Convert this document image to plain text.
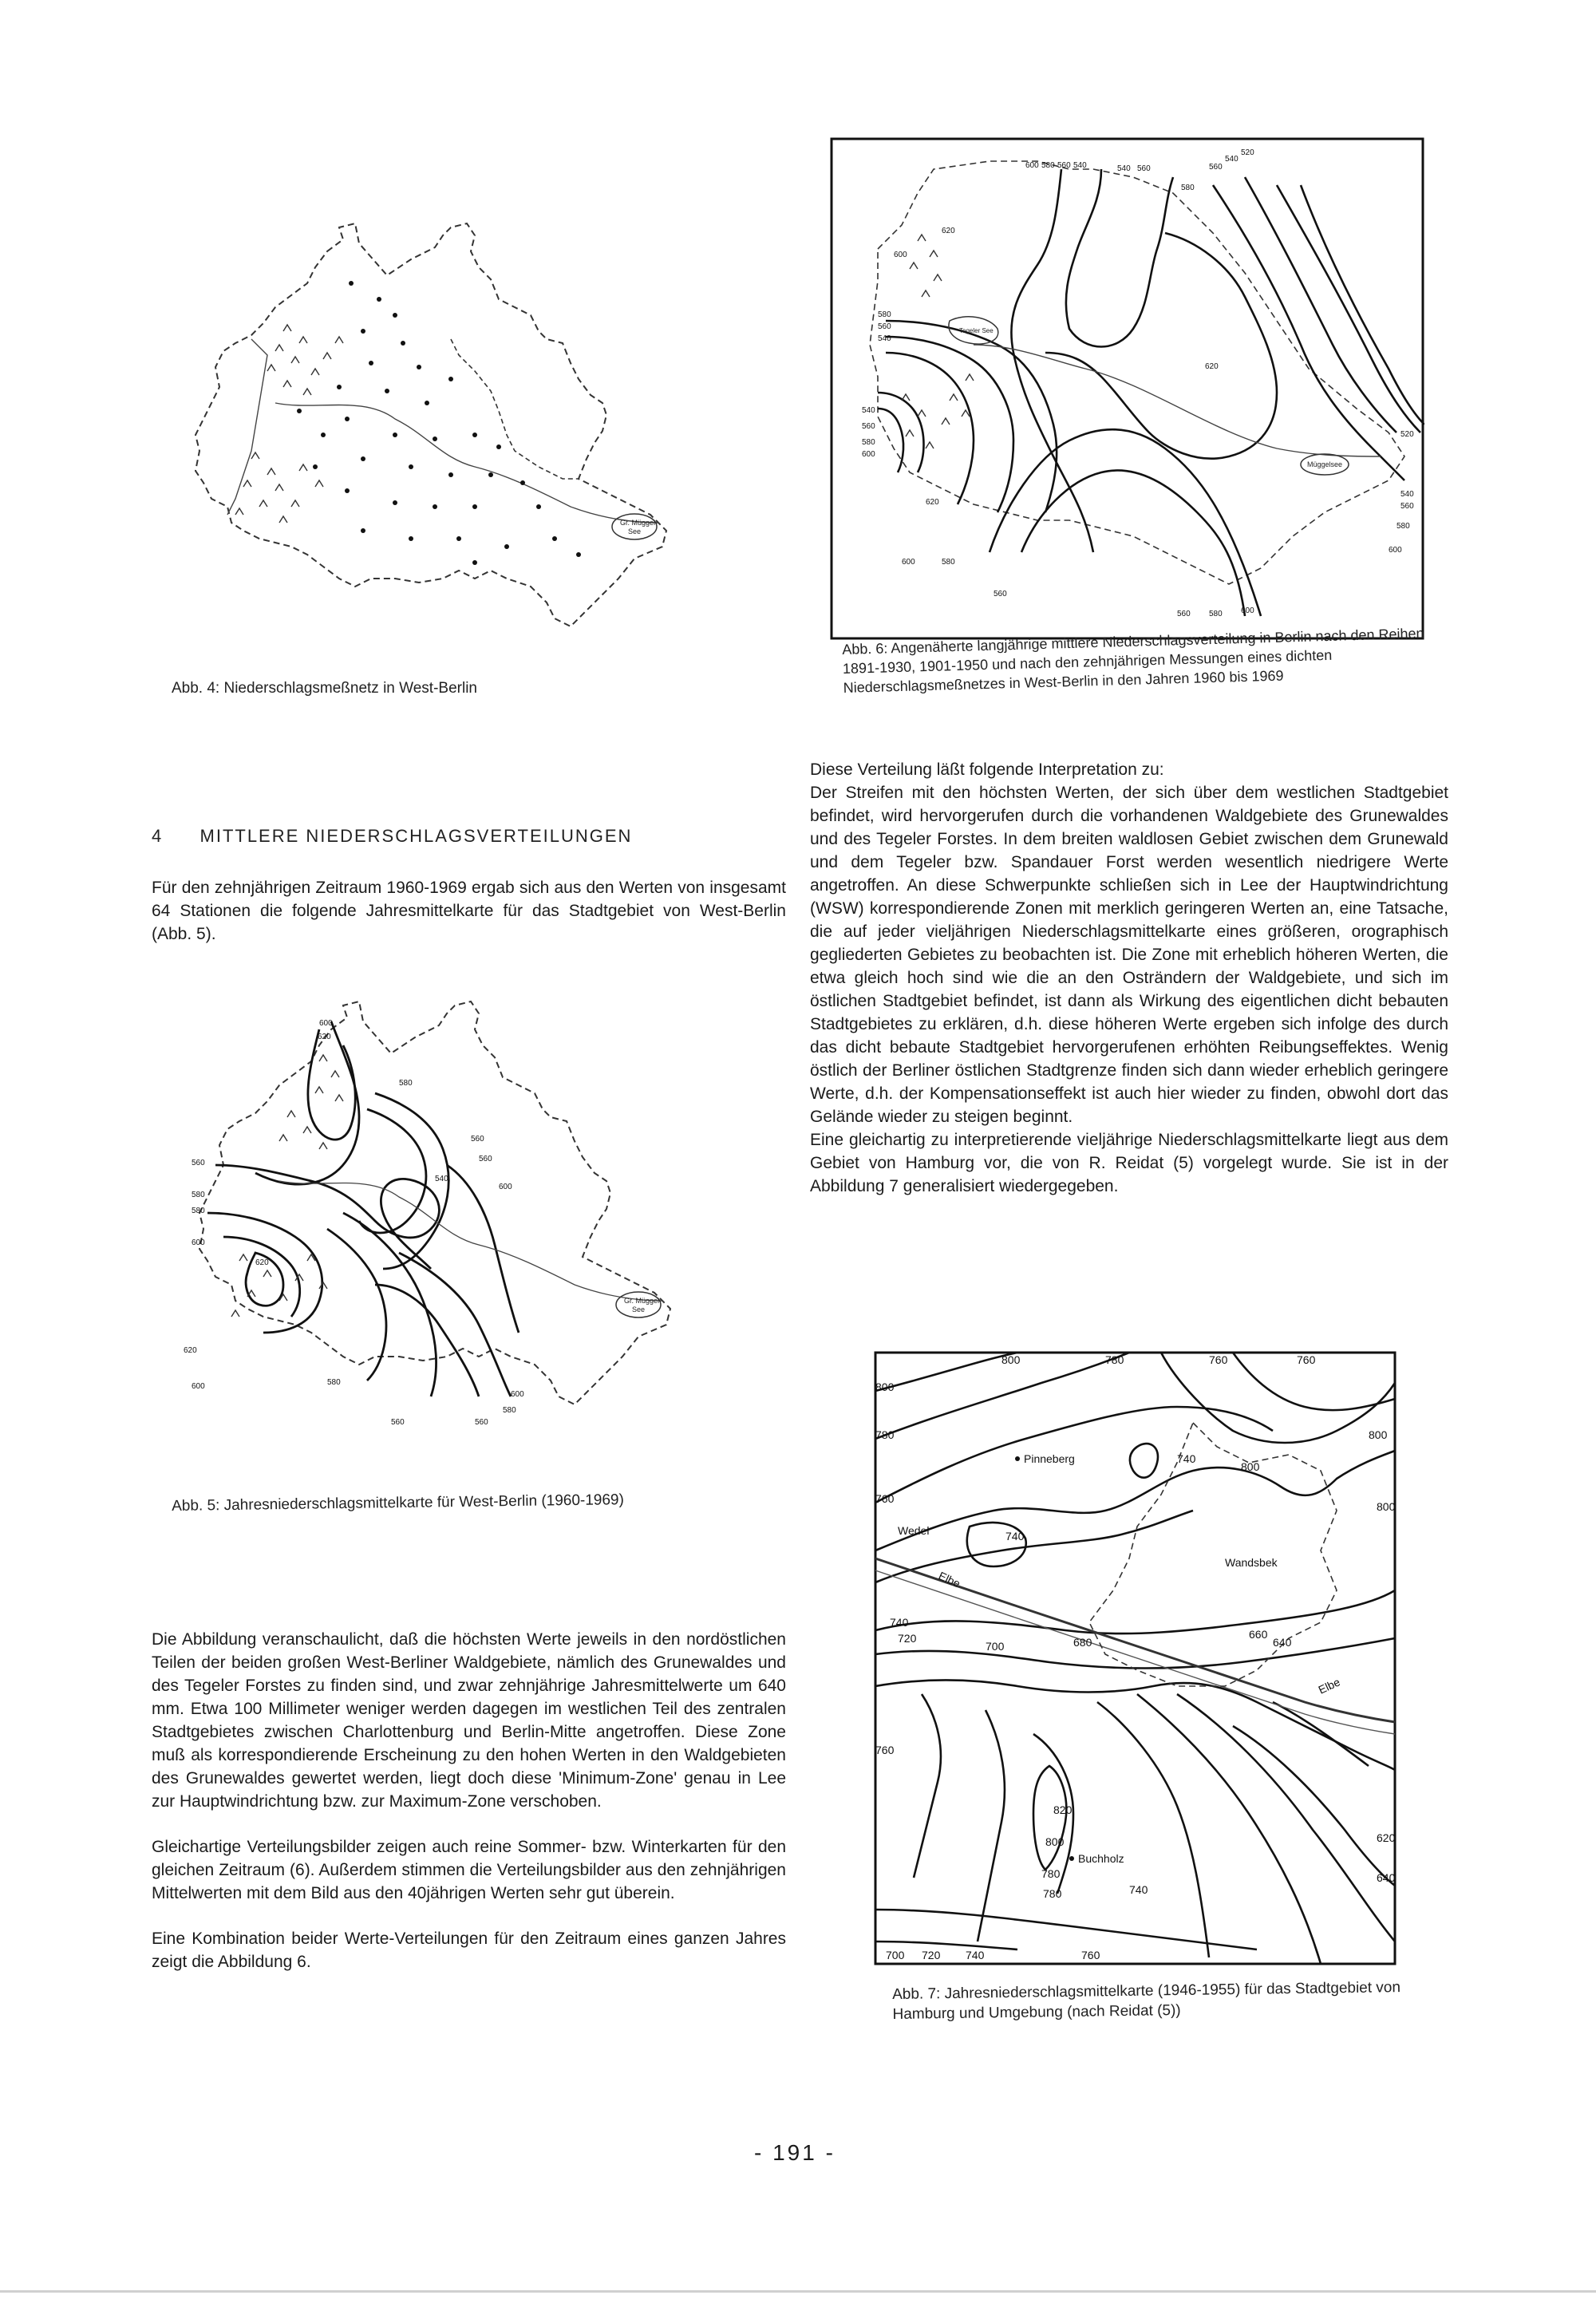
Gr. Müggel-
See
Abb. 4: Niederschlagsmeßnetz in West-Berlin
Tegeler See
Müggelsee
600 580 560 540	540 560	560
540
520
580
600
580
560
540
620
620
520
540
560
580
600
600	580
560
560 580 600
540
560
580
600
620
Abb. 6: Angenäherte langjährige mittlere Niederschlagsverteilung in Berlin nach den Reihen 1891-1930, 1901-1950 und nach den zehnjährigen Messungen eines dichten Niederschlagsmeßnetzes in West-Berlin in den Jahren 1960 bis 1969
4 MITTLERE NIEDERSCHLAGSVERTEILUNGEN

Für den zehnjährigen Zeitraum 1960-1969 ergab sich aus den Werten von insgesamt 64 Stationen die folgende Jahresmittelkarte für das Stadtgebiet von West-Berlin (Abb. 5).

Gr. Müggel-
See
600
620
580
560
580
560
540
600
560
580
600
620
620
600	580
560	560
580
600
Abb. 5: Jahresniederschlagsmittelkarte für West-Berlin (1960-1969)

Die Abbildung veranschaulicht, daß die höchsten Werte jeweils in den nordöstlichen Teilen der beiden großen West-Berliner Waldgebiete, nämlich des Grunewaldes und des Tegeler Forstes zu finden sind, und zwar zehnjährige Jahresmittelwerte um 640 mm. Etwa 100 Millimeter weniger werden dagegen im westlichen Teil des zentralen Stadtgebietes zwischen Charlottenburg und Berlin-Mitte angetroffen. Diese Zone muß als korrespondierende Erscheinung zu den hohen Werten in den Waldgebieten des Grunewaldes gewertet werden, liegt doch diese 'Minimum-Zone' genau in Lee zur Hauptwindrichtung bzw. zur Maximum-Zone verschoben.

Gleichartige Verteilungsbilder zeigen auch reine Sommer- bzw. Winterkarten für den gleichen Zeitraum (6). Außerdem stimmen die Verteilungsbilder aus den zehnjährigen Mittelwerten mit dem Bild aus den 40jährigen Werten sehr gut überein.

Eine Kombination beider Werte-Verteilungen für den Zeitraum eines ganzen Jahres zeigt die Abbildung 6.

Diese Verteilung läßt folgende Interpretation zu:

Der Streifen mit den höchsten Werten, der sich über dem westlichen Stadtgebiet befindet, wird hervorgerufen durch die vorhandenen Waldgebiete des Grunewaldes und des Tegeler Forstes. In dem breiten waldlosen Gebiet zwischen dem Grunewald und dem Tegeler bzw. Spandauer Forst werden wesentlich niedrigere Werte angetroffen. An diese Schwerpunkte schließen sich in Lee der Hauptwindrichtung (WSW) korrespondierende Zonen mit merklich geringeren Werten an, eine Tatsache, die auf jeder vieljährigen Niederschlagsmittelkarte eines größeren, orographisch gegliederten Gebietes zu beobachten ist. Die Zone mit erheblich höheren Werten, die etwa gleich hoch sind wie die an den Osträndern der Waldgebiete, und sich im östlichen Stadtgebiet befindet, ist dann als Wirkung des eigentlichen dicht bebauten Stadtgebietes zu erklären, d.h. diese höheren Werte ergeben sich infolge des durch das dicht bebaute Stadtgebiet hervorgerufenen erhöhten Reibungseffektes. Wenig östlich der Berliner östlichen Stadtgrenze finden sich dann wieder erheblich geringere Werte, d.h. der Kompensationseffekt ist auch hier wieder zu finden, obwohl dort das Gelände wieder zu steigen beginnt.

Eine gleichartig zu interpretierende vieljährige Niederschlagsmittelkarte liegt aus dem Gebiet von Hamburg vor, die von R. Reidat (5) vorgelegt wurde. Sie ist in der Abbildung 7 generalisiert wiedergegeben.

800	780	760	760
800
780	800
760
740
800
740
800
720
700	680
660
640
740
760
820
800
780
780	740
620
640
700 720 740	760
Pinneberg
Wedel
Wandsbek
Buchholz
Elbe
Elbe
Abb. 7: Jahresniederschlagsmittelkarte (1946-1955) für das Stadtgebiet von Hamburg und Umgebung (nach Reidat (5))
- 191 -
